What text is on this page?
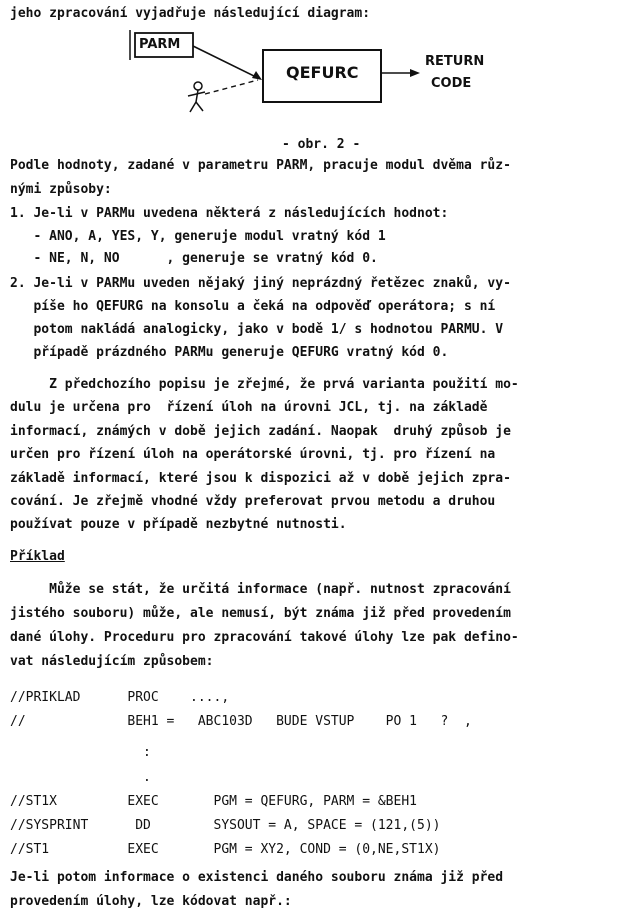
jeho zpracování vyjadřuje následující diagram:
PARM
QEFURC
RETURN
CODE
- obr. 2 -
Podle hodnoty, zadané v parametru PARM, pracuje modul dvěma růz-
nými způsoby:
1. Je-li v PARMu uvedena některá z následujících hodnot:
- ANO, A, YES, Y, generuje modul vratný kód 1
- NE, N, NO      , generuje se vratný kód 0.
2. Je-li v PARMu uveden nějaký jiný neprázdný řetězec znaků, vy-
píše ho QEFURG na konsolu a čeká na odpověď operátora; s ní
potom nakládá analogicky, jako v bodě 1/ s hodnotou PARMU. V
případě prázdného PARMu generuje QEFURG vratný kód 0.
Z předchozího popisu je zřejmé, že prvá varianta použití mo-
dulu je určena pro  řízení úloh na úrovni JCL, tj. na základě
informací, známých v době jejich zadání. Naopak  druhý způsob je
určen pro řízení úloh na operátorské úrovni, tj. pro řízení na
základě informací, které jsou k dispozici až v době jejich zpra-
cování. Je zřejmě vhodné vždy preferovat prvou metodu a druhou
používat pouze v případě nezbytné nutnosti.
Příklad
Může se stát, že určitá informace (např. nutnost zpracování
jistého souboru) může, ale nemusí, být známa již před provedením
dané úlohy. Proceduru pro zpracování takové úlohy lze pak defino-
vat následujícím způsobem:
//PRIKLAD      PROC    ....,
//             BEH1 =   ABC103D   BUDE VSTUP    PO 1   ?  ,
:
.
//ST1X         EXEC       PGM = QEFURG, PARM = &BEH1
//SYSPRINT      DD        SYSOUT = A, SPACE = (121,(5))
//ST1          EXEC       PGM = XY2, COND = (0,NE,ST1X)
Je-li potom informace o existenci daného souboru známa již před
provedením úlohy, lze kódovat např.:
